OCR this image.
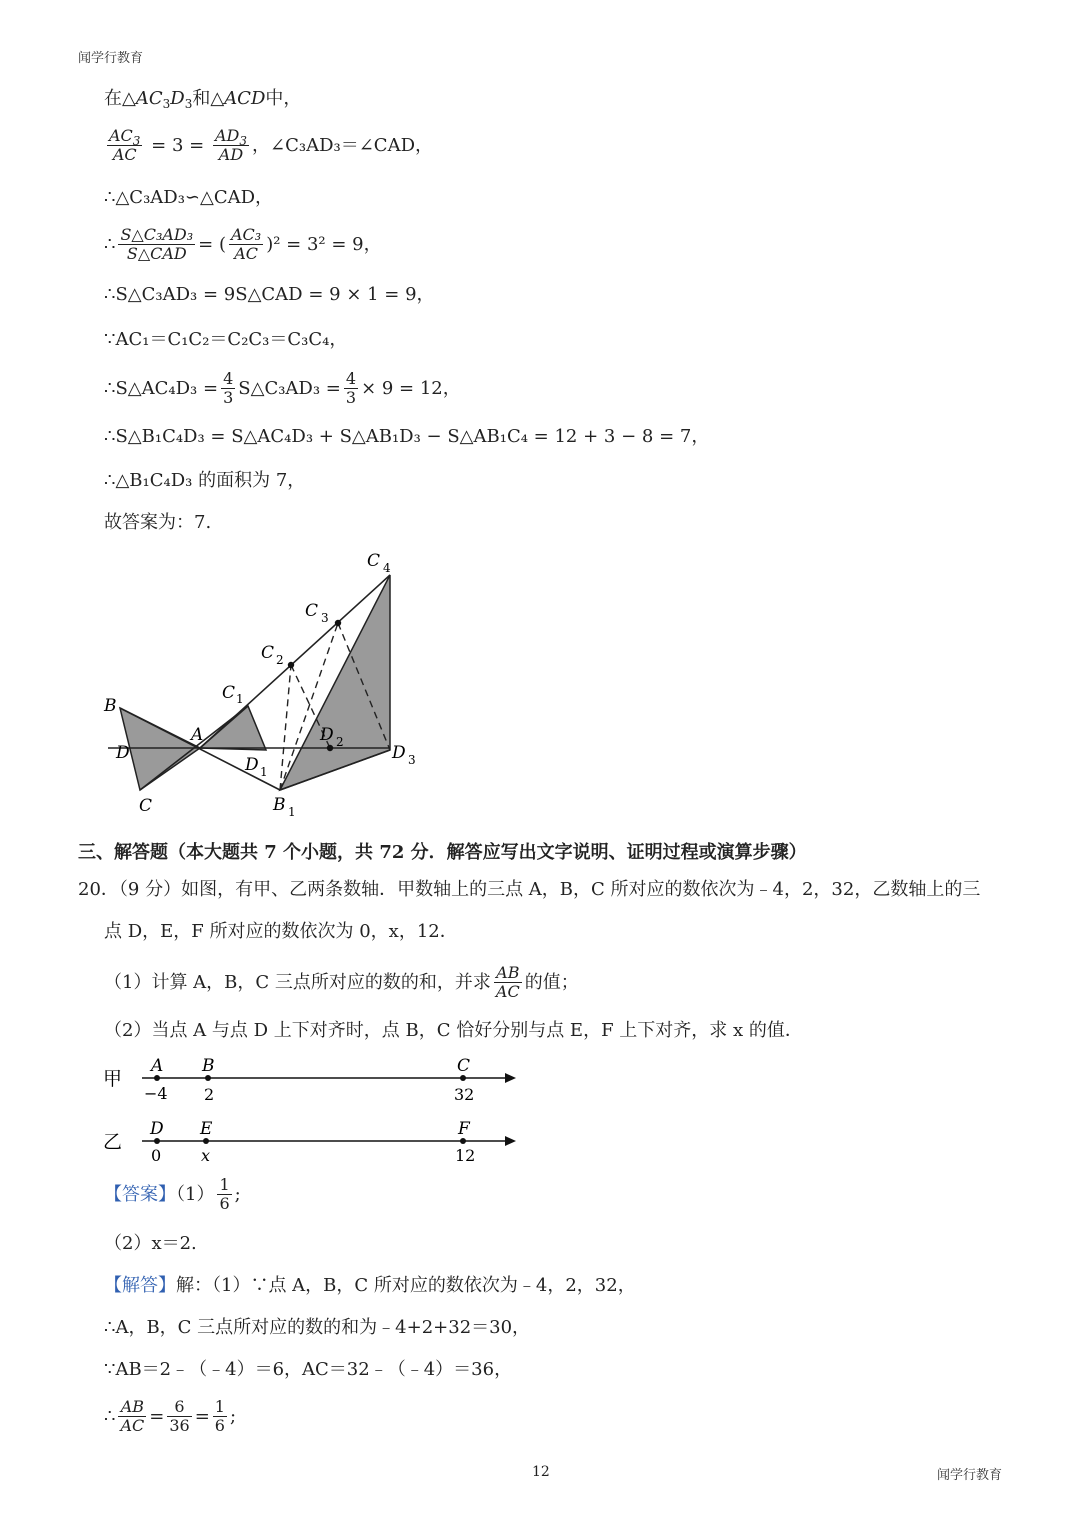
闻学行教育
在$\triangle AC_3D_3$和△ACD中，
$\frac{AC_3}{AC} = 3 = \frac{AD_3}{AD}$ ，∠C₃AD₃＝∠CAD，
∴△C₃AD₃∽△CAD，
∴ $\frac{\text{S△C₃AD₃}}{\text{S△CAD}}$ = ( $\frac{\text{AC₃}}{AC} )^2 = 3^2 = 9$，
∴S△C₃AD₃ = 9S△CAD = 9 × 1 = 9，
∵AC₁＝C₁C₂＝C₂C₃＝C₃C₄，
∴S△AC₄D₃ = $\frac{4}{3}$ S△C₃AD₃ = $\frac{4}{3} \times 9 = 12$，
∴S△B₁C₄D₃ = S△AC₄D₃ + S△AB₁D₃ − S△AB₁C₄ = 12 + 3 − 8 = 7，
∴△B₁C₄D₃ 的面积为 7，
故答案为：7.
B
A
D
C
C 1
C 2
C 3
C 4
D 1
D 2
D 3
B 1
三、解答题（本大题共 7 个小题，共 72 分．解答应写出文字说明、证明过程或演算步骤）
20．（9 分）如图，有甲、乙两条数轴．甲数轴上的三点 A，B，C 所对应的数依次为﹣4，2，32，乙数轴上的三
点 D，E，F 所对应的数依次为 0，x，12．
（1）计算 A，B，C 三点所对应的数的和，并求 $\frac{AB}{AC}$ 的值；
（2）当点 A 与点 D 上下对齐时，点 B，C 恰好分别与点 E，F 上下对齐，求 x 的值．
甲
A B	C
−4 2	32
乙
D E	F
0 x	12
【答案】$(1) \frac{1}{6}$ ;
（2）x＝2.
【解答】解：（1）∵点 A，B，C 所对应的数依次为﹣4，2，32，
∴A，B，C 三点所对应的数的和为﹣4+2+32＝30，
∵AB＝2﹣（﹣4）＝6，AC＝32﹣（﹣4）＝36，
∴ $\frac{AB}{AC} = \frac{6}{36} = \frac{1}{6}$ ;
12	闻学行教育
